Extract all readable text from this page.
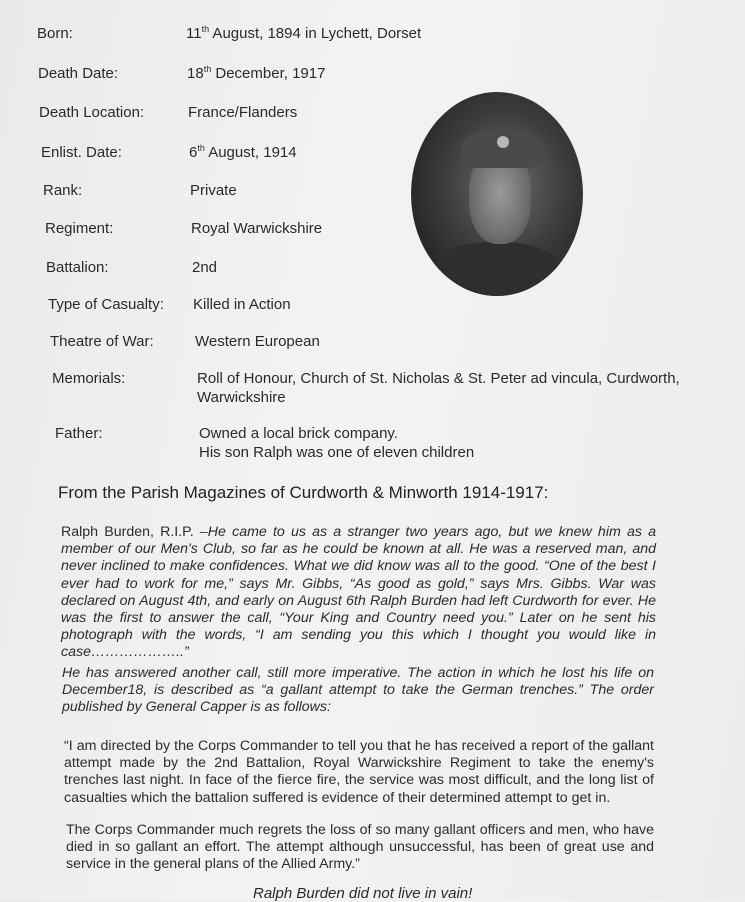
Born:	11th August, 1894 in Lychett, Dorset
Death Date:	18th December, 1917
Death Location:	France/Flanders
Enlist. Date:	6th August, 1914
Rank:	Private
Regiment:	Royal Warwickshire
Battalion:	2nd
Type of Casualty: Killed in Action
Theatre of War:	Western European
Memorials:	Roll of Honour, Church of St. Nicholas & St. Peter ad vincula, Curdworth,
Warwickshire
Father:	Owned a local brick company.
His son Ralph was one of eleven children
From the Parish Magazines of Curdworth & Minworth 1914-1917:
Ralph Burden, R.I.P. –He came to us as a stranger two years ago, but we knew him as a member of our Men's Club, so far as he could be known at all. He was a reserved man, and never inclined to make confidences. What we did know was all to the good. “One of the best I ever had to work for me,” says Mr. Gibbs, “As good as gold,” says Mrs. Gibbs. War was declared on August 4th, and early on August 6th Ralph Burden had left Curdworth for ever. He was the first to answer the call, “Your King and Country need you.” Later on he sent his photograph with the words, “I am sending you this which I thought you would like in case………………..”
He has answered another call, still more imperative. The action in which he lost his life on December18, is described as “a gallant attempt to take the German trenches.” The order published by General Capper is as follows:
“I am directed by the Corps Commander to tell you that he has received a report of the gallant attempt made by the 2nd Battalion, Royal Warwickshire Regiment to take the enemy's trenches last night. In face of the fierce fire, the service was most difficult, and the long list of casualties which the battalion suffered is evidence of their determined attempt to get in.
The Corps Commander much regrets the loss of so many gallant officers and men, who have died in so gallant an effort. The attempt although unsuccessful, has been of great use and service in the general plans of the Allied Army.”
Ralph Burden did not live in vain!
